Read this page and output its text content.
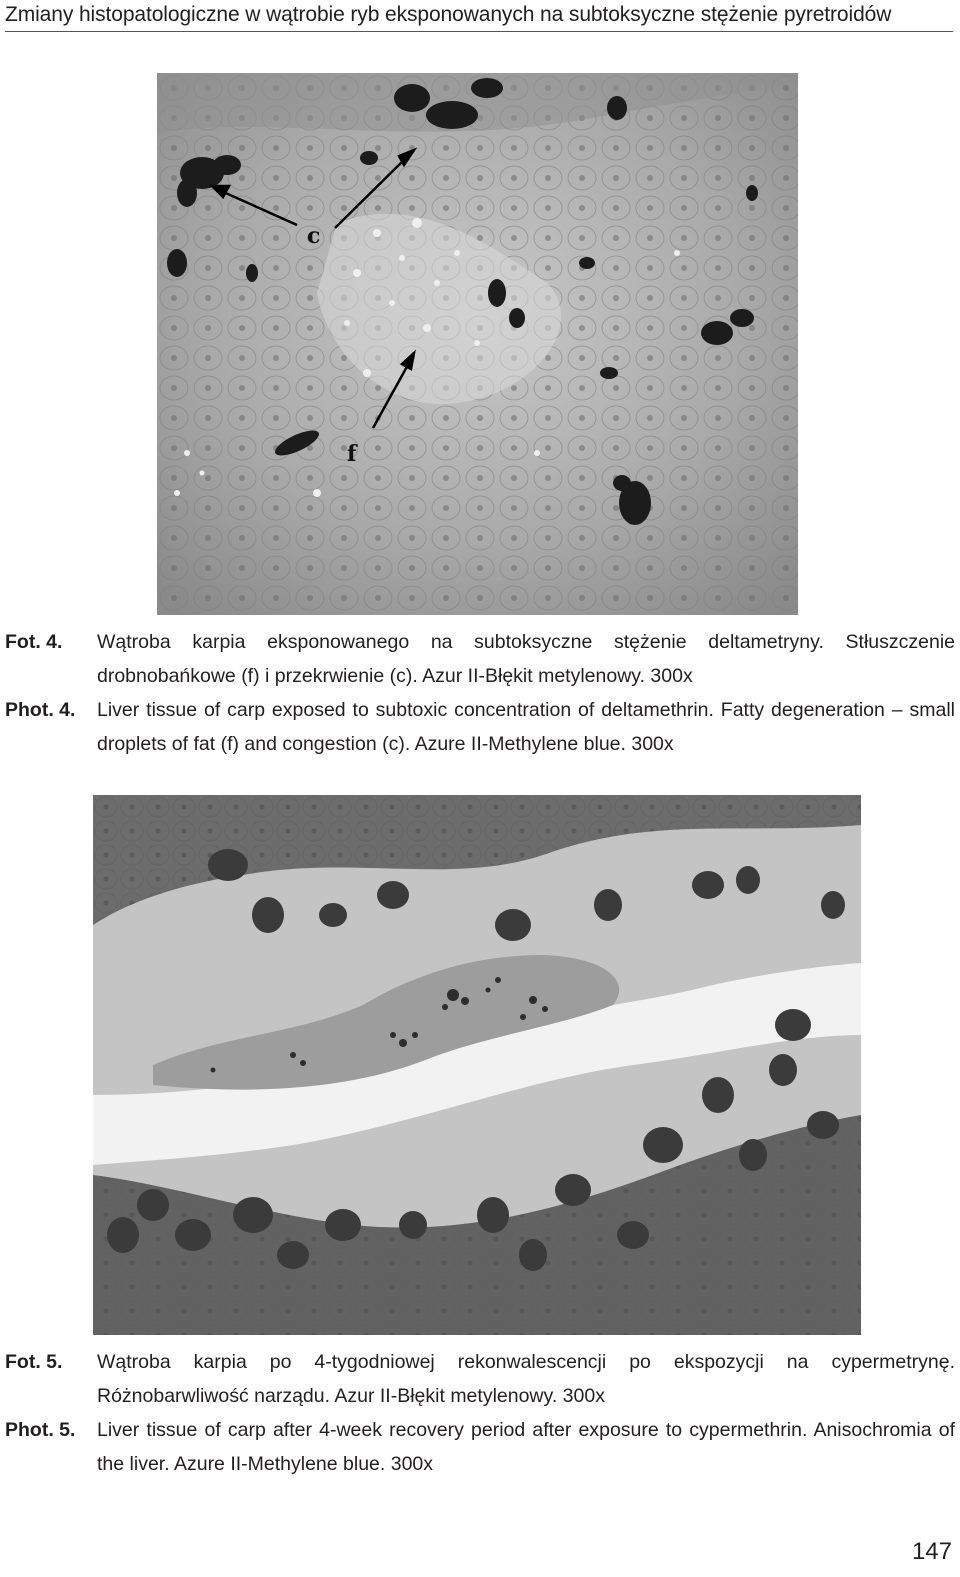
Zmiany histopatologiczne w wątrobie ryb eksponowanych na subtoksyczne stężenie pyretroidów
c
f
Fot. 4.	Wątroba karpia eksponowanego na subtoksyczne stężenie deltametryny. Stłuszczenie drobnobańkowe (f) i przekrwienie (c). Azur II-Błękit metylenowy. 300x
Phot. 4.	Liver tissue of carp exposed to subtoxic concentration of deltamethrin. Fatty degeneration – small droplets of fat (f) and congestion (c). Azure II-Methylene blue. 300x
Fot. 5.	Wątroba karpia po 4-tygodniowej rekonwalescencji po ekspozycji na cypermetrynę. Różnobarwliwość narządu. Azur II-Błękit metylenowy. 300x
Phot. 5.	Liver tissue of carp after 4-week recovery period after exposure to cypermethrin. Anisochromia of the liver. Azure II-Methylene blue. 300x
147
